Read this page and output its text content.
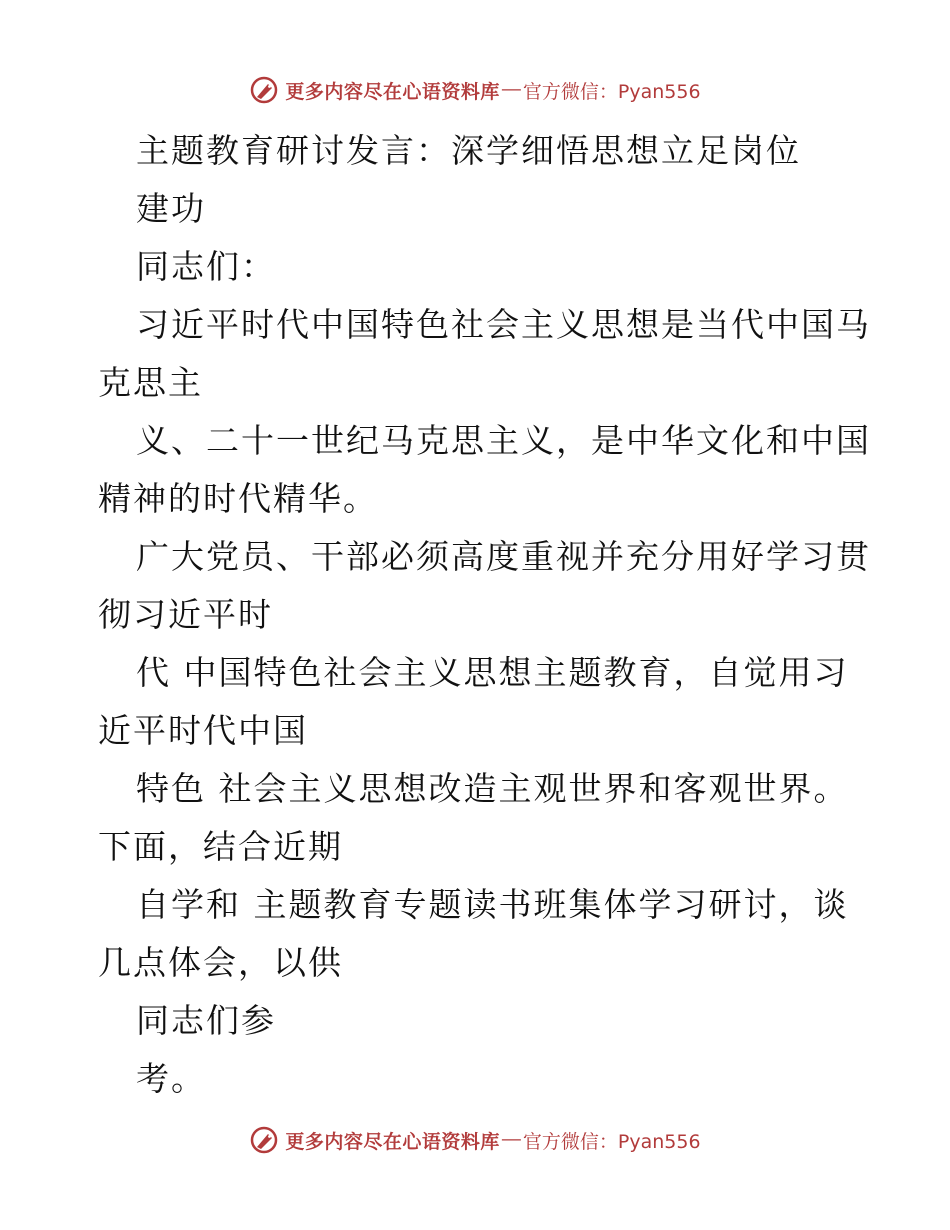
更多内容尽在心语资料库 — 官方微信：Pyan556
主题教育研讨发言：深学细悟思想立足岗位
建功
同志们：
习近平时代中国特色社会主义思想是当代中国马
克思主
义、二十一世纪马克思主义，是中华文化和中国
精神的时代精华。
广大党员、干部必须高度重视并充分用好学习贯
彻习近平时
代 中国特色社会主义思想主题教育，自觉用习
近平时代中国
特色 社会主义思想改造主观世界和客观世界。
下面，结合近期
自学和 主题教育专题读书班集体学习研讨，谈
几点体会，以供
同志们参
考。
更多内容尽在心语资料库 — 官方微信：Pyan556
